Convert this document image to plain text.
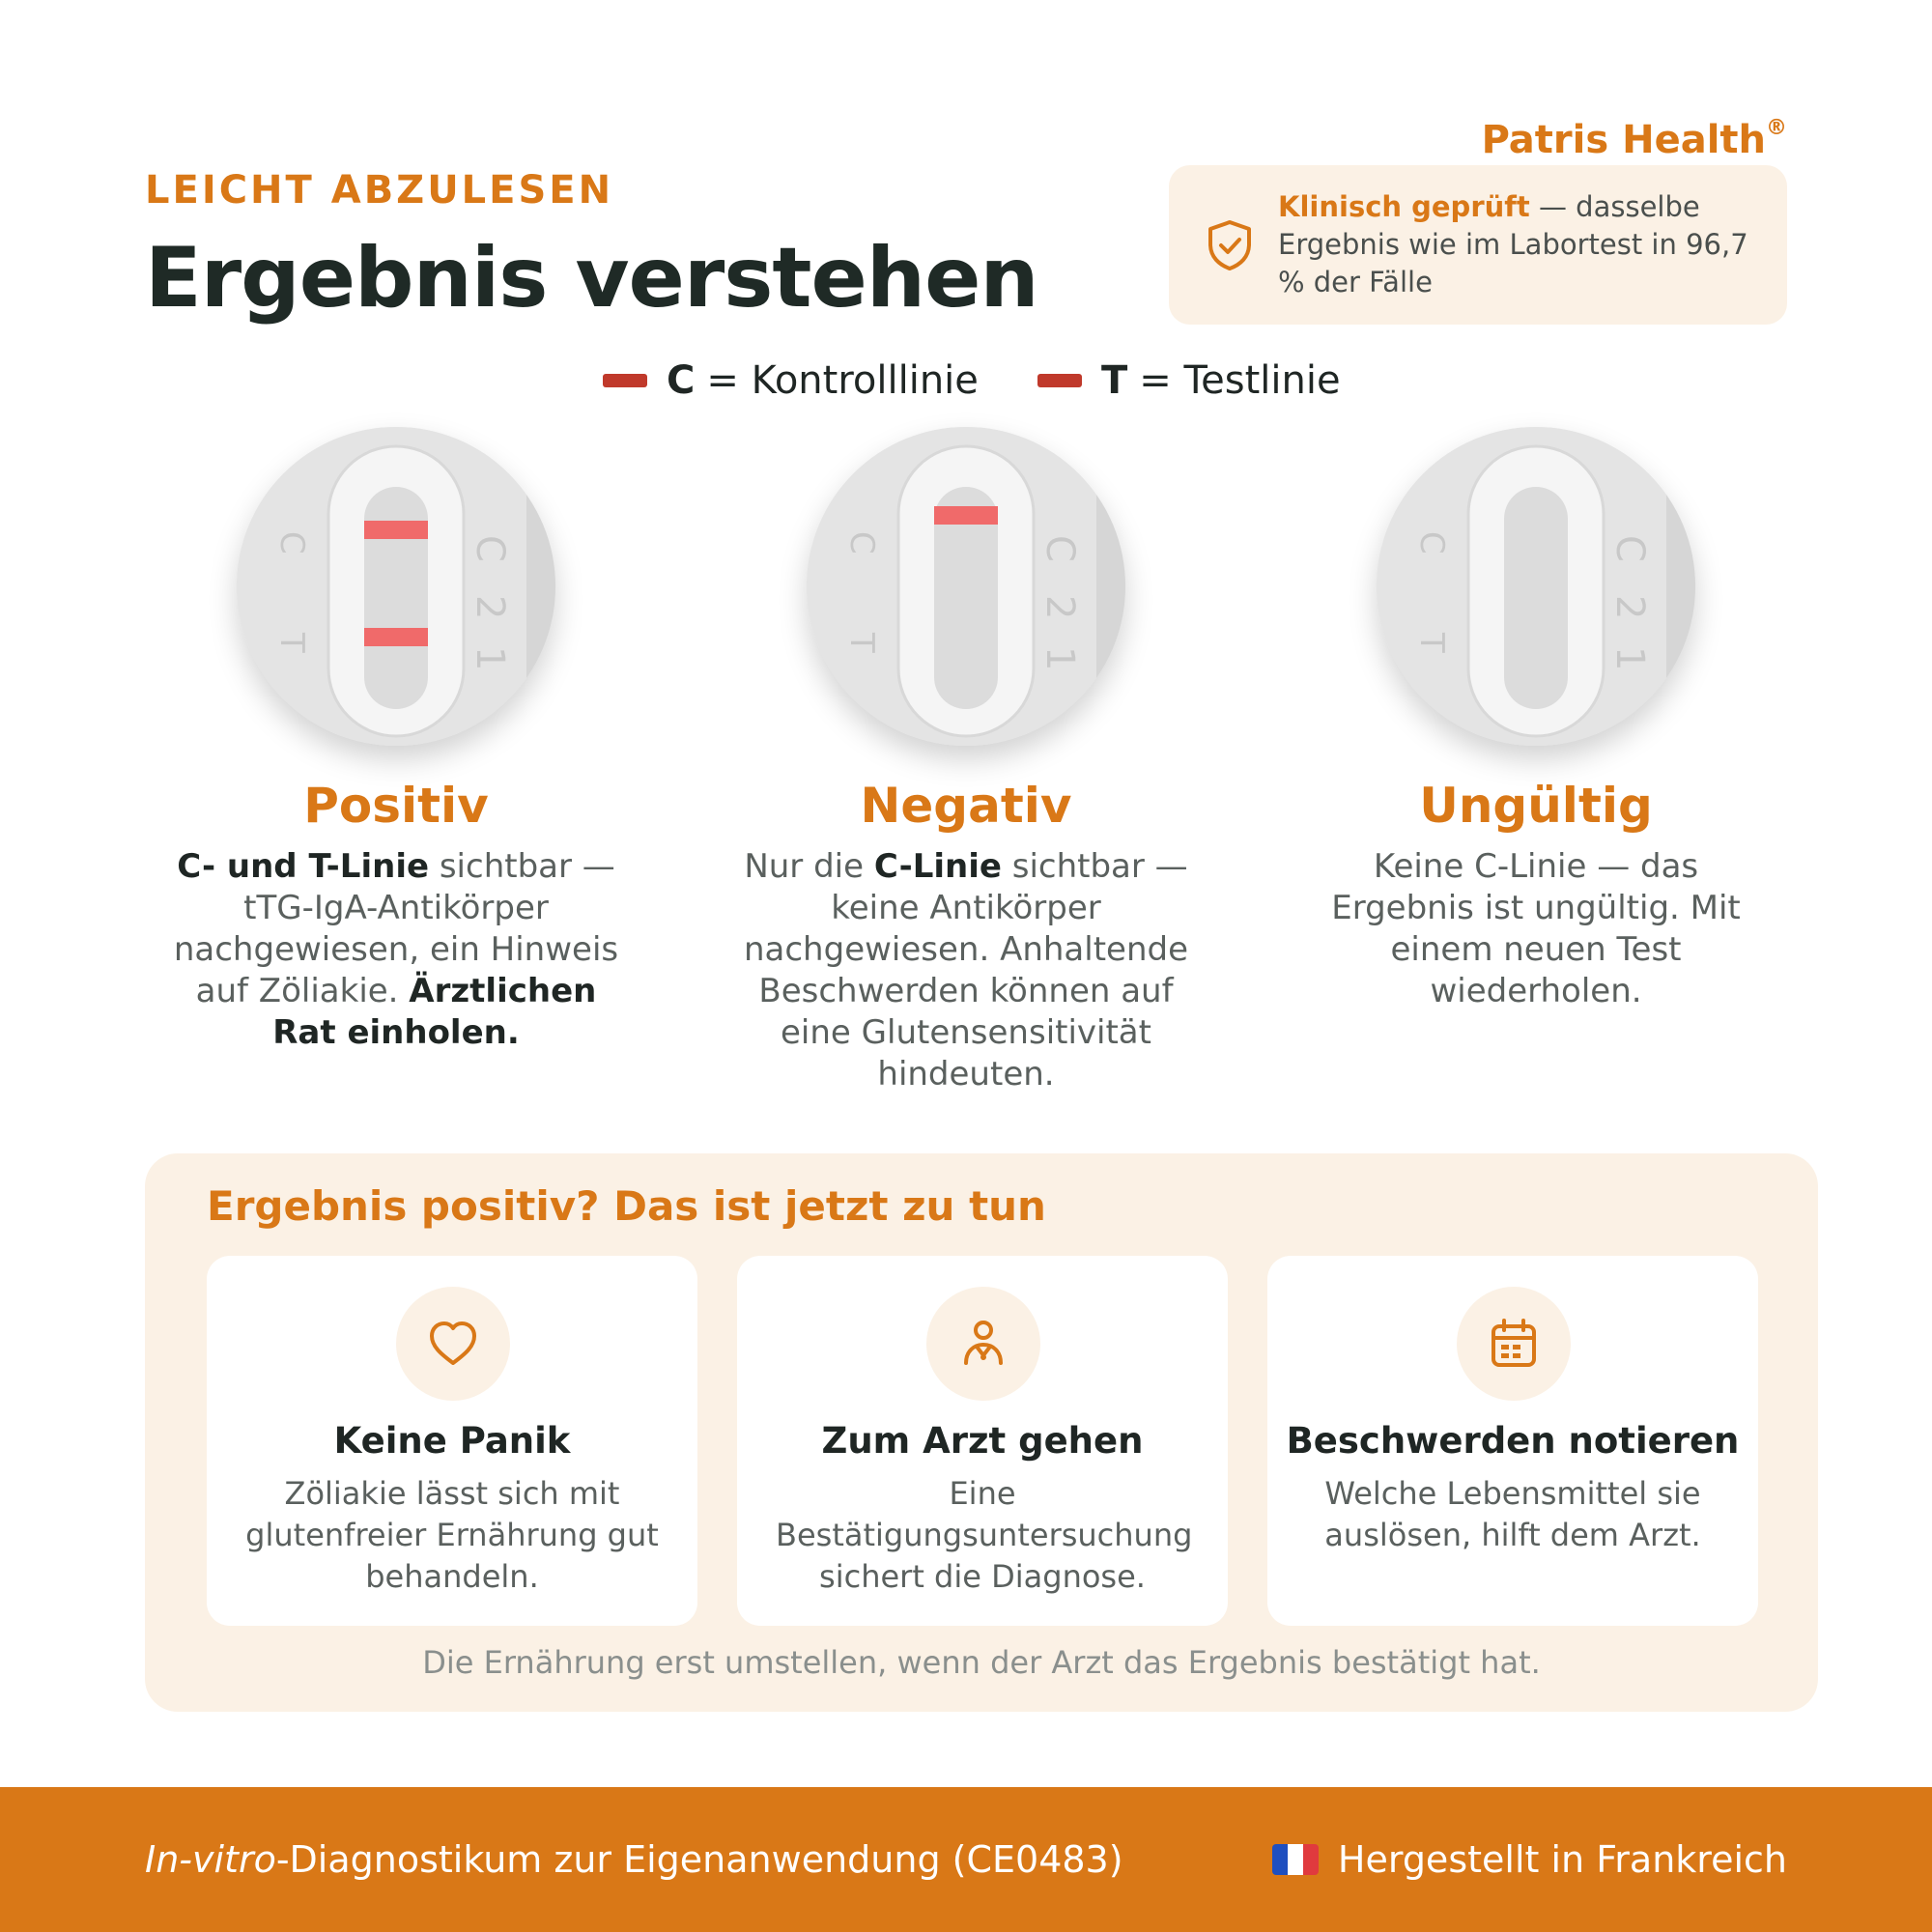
Patris Health®
LEICHT ABZULESEN
Ergebnis verstehen
Klinisch geprüft — dasselbe Ergebnis wie im Labortest in 96,7 % der Fälle
C = Kontrolllinie	T = Testlinie
C
T
C
2
1
Positiv
C- und T-Linie sichtbar — tTG-IgA-Antikörper nachgewiesen, ein Hinweis auf Zöliakie. Ärztlichen Rat einholen.
C
T
C
2
1
Negativ
Nur die C-Linie sichtbar — keine Antikörper nachgewiesen. Anhaltende Beschwerden können auf eine Glutensensitivität hindeuten.
C
T
C
2
1
Ungültig
Keine C-Linie — das Ergebnis ist ungültig. Mit einem neuen Test wiederholen.
Ergebnis positiv? Das ist jetzt zu tun
Keine Panik
Zöliakie lässt sich mit glutenfreier Ernährung gut behandeln.
Zum Arzt gehen
Eine Bestätigungsuntersuchung sichert die Diagnose.
Beschwerden notieren
Welche Lebensmittel sie auslösen, hilft dem Arzt.
Die Ernährung erst umstellen, wenn der Arzt das Ergebnis bestätigt hat.
In-vitro-Diagnostikum zur Eigenanwendung (CE0483)	Hergestellt in Frankreich
